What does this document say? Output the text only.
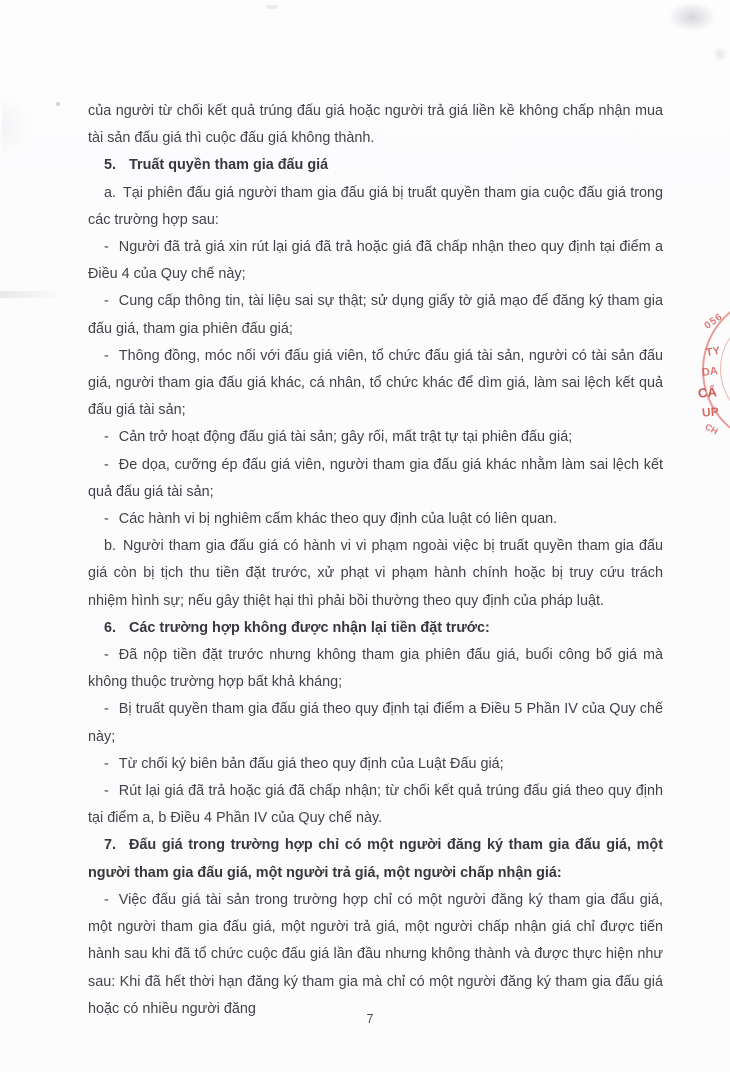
056
TY
DA
CẤ
UP
CH

của người từ chối kết quả trúng đấu giá hoặc người trả giá liền kề không chấp nhận mua tài sản đấu giá thì cuộc đấu giá không thành.

5. Truất quyền tham gia đấu giá

a. Tại phiên đấu giá người tham gia đấu giá bị truất quyền tham gia cuộc đấu giá trong các trường hợp sau:

- Người đã trả giá xin rút lại giá đã trả hoặc giá đã chấp nhận theo quy định tại điểm a Điều 4 của Quy chế này;

- Cung cấp thông tin, tài liệu sai sự thật; sử dụng giấy tờ giả mạo để đăng ký tham gia đấu giá, tham gia phiên đấu giá;

- Thông đồng, móc nối với đấu giá viên, tổ chức đấu giá tài sản, người có tài sản đấu giá, người tham gia đấu giá khác, cá nhân, tổ chức khác để dìm giá, làm sai lệch kết quả đấu giá tài sản;

- Cản trở hoạt động đấu giá tài sản; gây rối, mất trật tự tại phiên đấu giá;

- Đe dọa, cưỡng ép đấu giá viên, người tham gia đấu giá khác nhằm làm sai lệch kết quả đấu giá tài sản;

- Các hành vi bị nghiêm cấm khác theo quy định của luật có liên quan.

b. Người tham gia đấu giá có hành vi vi phạm ngoài việc bị truất quyền tham gia đấu giá còn bị tịch thu tiền đặt trước, xử phạt vi phạm hành chính hoặc bị truy cứu trách nhiệm hình sự; nếu gây thiệt hại thì phải bồi thường theo quy định của pháp luật.

6. Các trường hợp không được nhận lại tiền đặt trước:

- Đã nộp tiền đặt trước nhưng không tham gia phiên đấu giá, buổi công bố giá mà không thuộc trường hợp bất khả kháng;

- Bị truất quyền tham gia đấu giá theo quy định tại điểm a Điều 5 Phần IV của Quy chế này;

- Từ chối ký biên bản đấu giá theo quy định của Luật Đấu giá;

- Rút lại giá đã trả hoặc giá đã chấp nhận; từ chối kết quả trúng đấu giá theo quy định tại điểm a, b Điều 4 Phần IV của Quy chế này.

7. Đấu giá trong trường hợp chỉ có một người đăng ký tham gia đấu giá, một người tham gia đấu giá, một người trả giá, một người chấp nhận giá:

- Việc đấu giá tài sản trong trường hợp chỉ có một người đăng ký tham gia đấu giá, một người tham gia đấu giá, một người trả giá, một người chấp nhận giá chỉ được tiến hành sau khi đã tổ chức cuộc đấu giá lần đầu nhưng không thành và được thực hiện như sau: Khi đã hết thời hạn đăng ký tham gia mà chỉ có một người đăng ký tham gia đấu giá hoặc có nhiều người đăng

7
